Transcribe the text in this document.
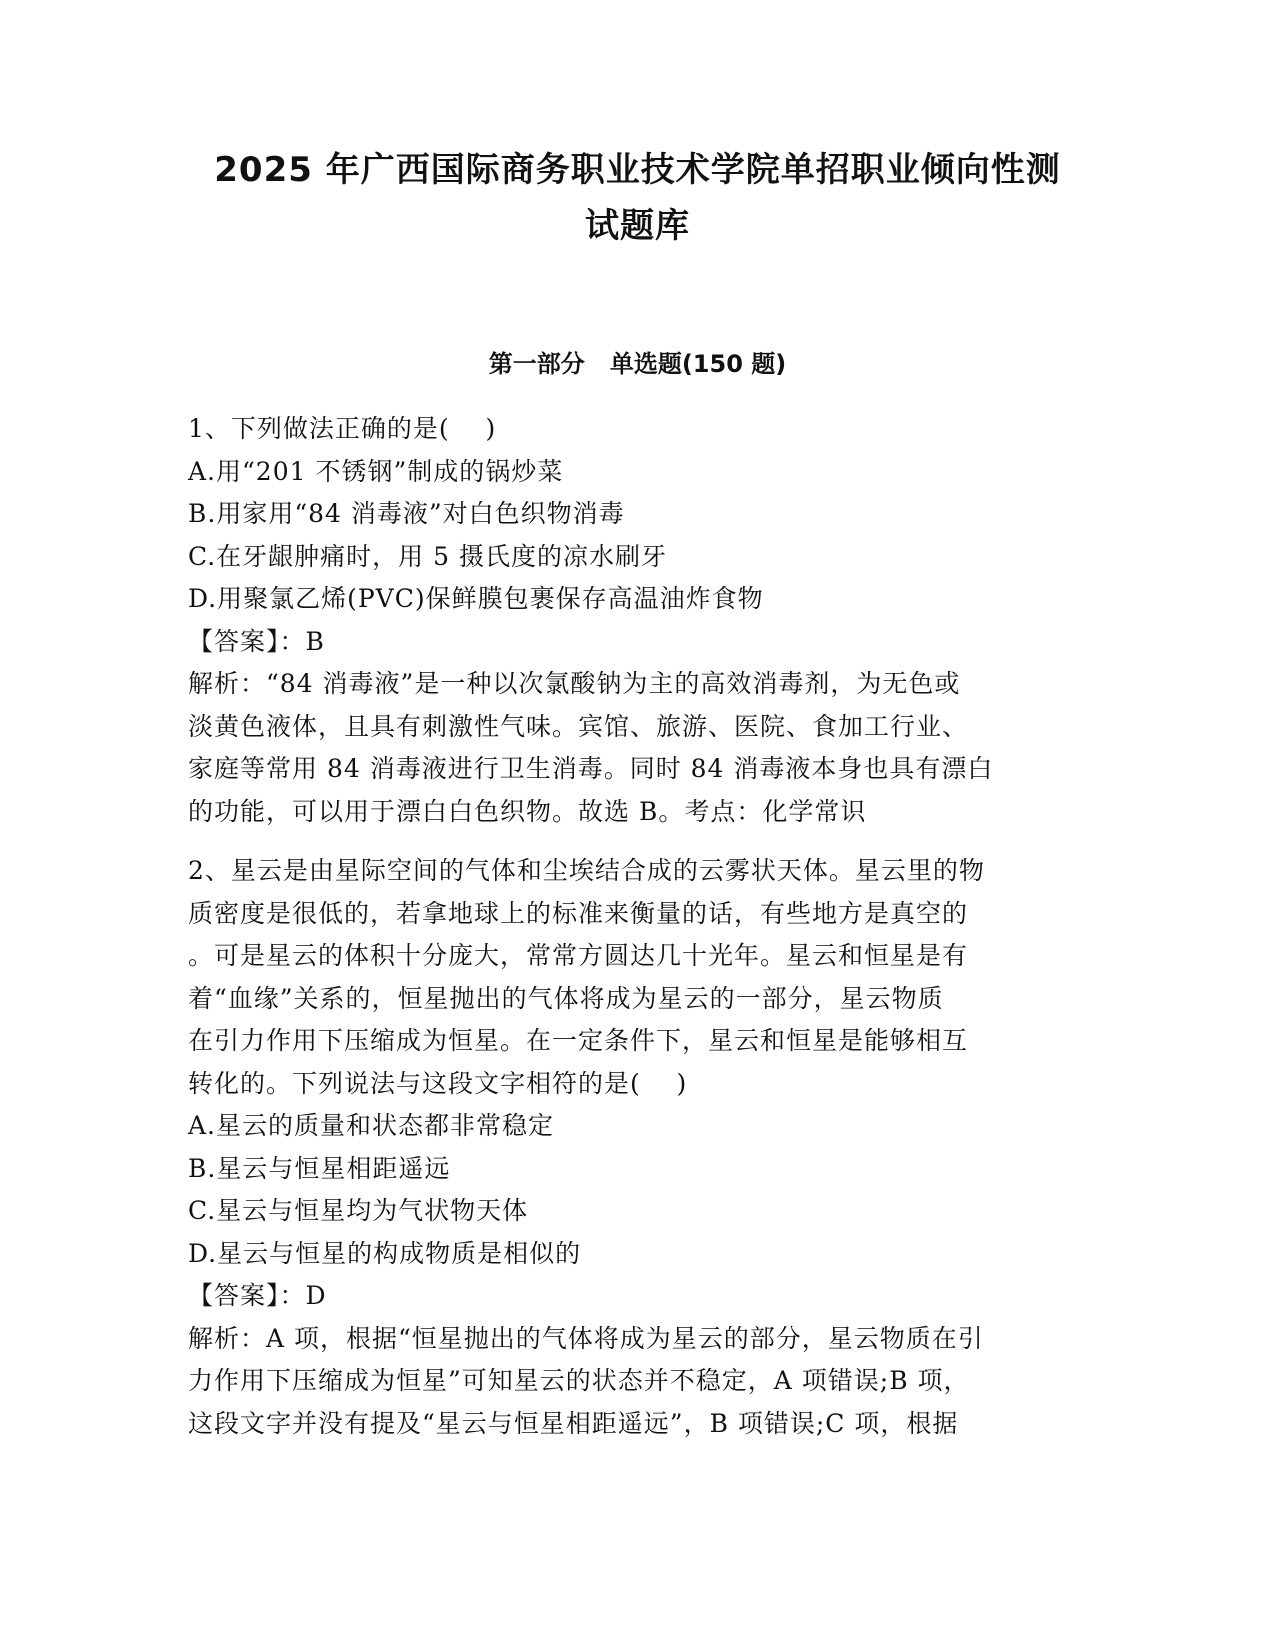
2025 年广西国际商务职业技术学院单招职业倾向性测
试题库
第一部分   单选题(150 题)
1、下列做法正确的是(    )
A.用“201 不锈钢”制成的锅炒菜
B.用家用“84 消毒液”对白色织物消毒
C.在牙龈肿痛时，用 5 摄氏度的凉水刷牙
D.用聚氯乙烯(PVC)保鲜膜包裹保存高温油炸食物
【答案】：B
解析：“84 消毒液”是一种以次氯酸钠为主的高效消毒剂，为无色或
淡黄色液体，且具有刺激性气味。宾馆、旅游、医院、食加工行业、
家庭等常用 84 消毒液进行卫生消毒。同时 84 消毒液本身也具有漂白
的功能，可以用于漂白白色织物。故选 B。考点：化学常识
2、星云是由星际空间的气体和尘埃结合成的云雾状天体。星云里的物
质密度是很低的，若拿地球上的标准来衡量的话，有些地方是真空的
。可是星云的体积十分庞大，常常方圆达几十光年。星云和恒星是有
着“血缘”关系的，恒星抛出的气体将成为星云的一部分，星云物质
在引力作用下压缩成为恒星。在一定条件下，星云和恒星是能够相互
转化的。下列说法与这段文字相符的是(    )
A.星云的质量和状态都非常稳定
B.星云与恒星相距遥远
C.星云与恒星均为气状物天体
D.星云与恒星的构成物质是相似的
【答案】：D
解析：A 项，根据“恒星抛出的气体将成为星云的部分，星云物质在引
力作用下压缩成为恒星”可知星云的状态并不稳定，A 项错误;B 项，
这段文字并没有提及“星云与恒星相距遥远”，B 项错误;C 项，根据
